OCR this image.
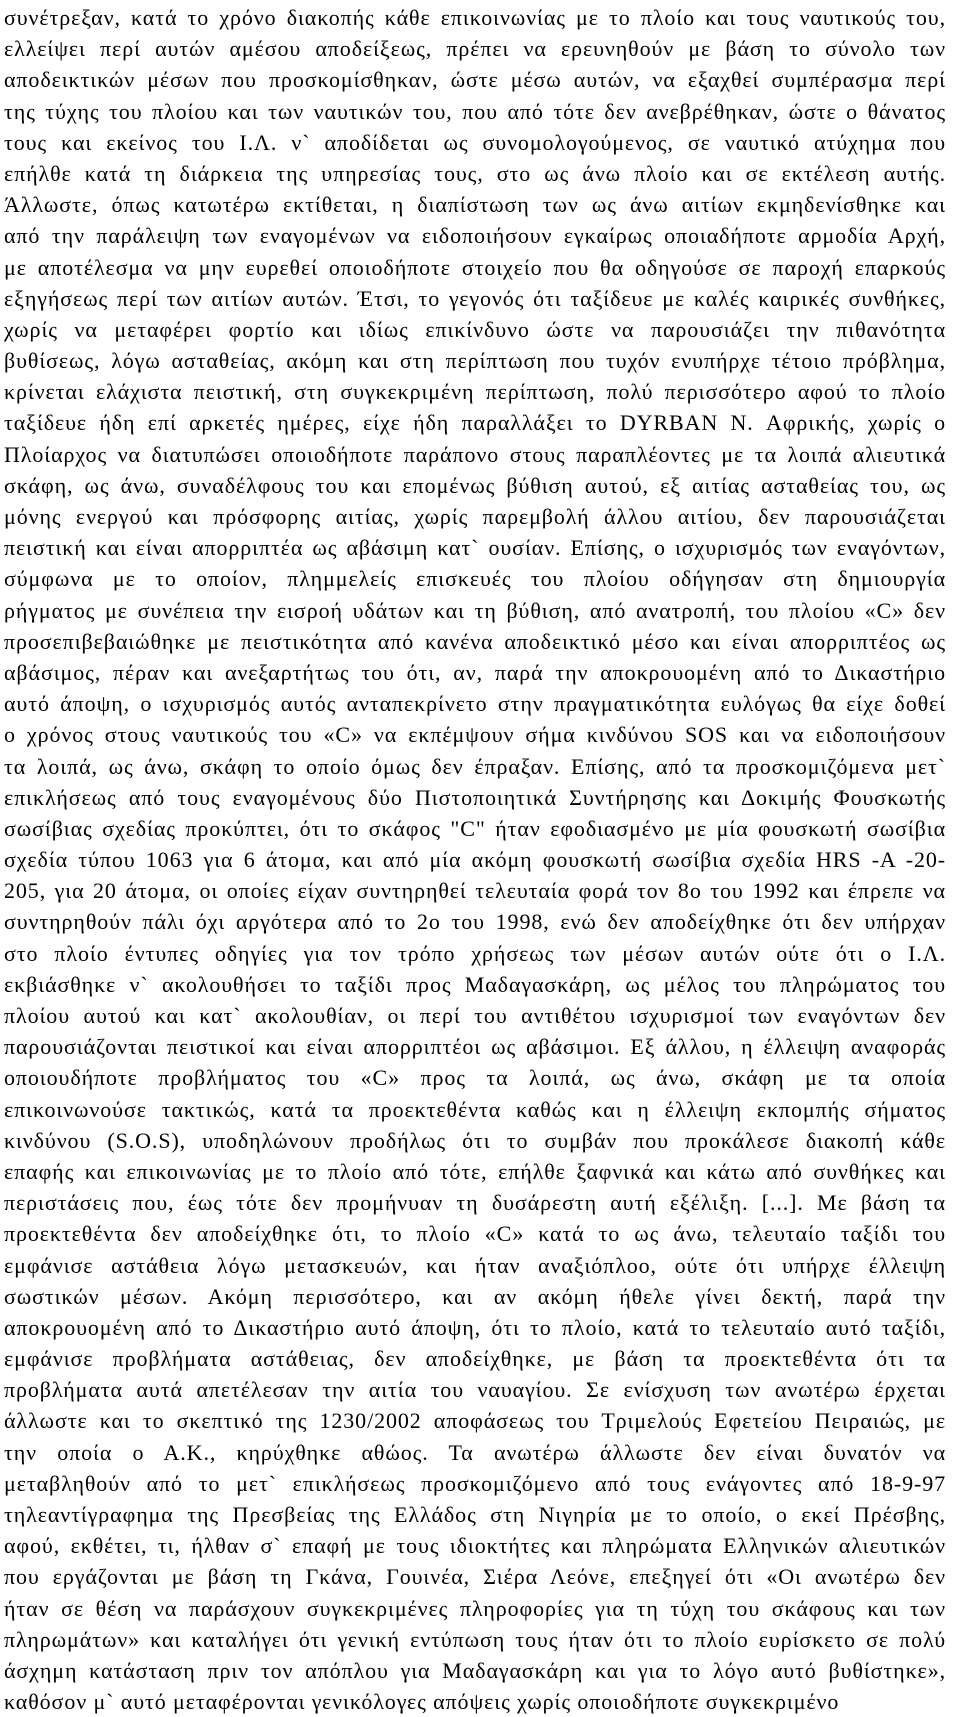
συνέτρεξαν, κατά το χρόνο διακοπής κάθε επικοινωνίας με το πλοίο και τους ναυτικούς του,
ελλείψει περί αυτών αμέσου αποδείξεως, πρέπει να ερευνηθούν με βάση το σύνολο των
αποδεικτικών μέσων που προσκομίσθηκαν, ώστε μέσω αυτών, να εξαχθεί συμπέρασμα περί
της τύχης του πλοίου και των ναυτικών του, που από τότε δεν ανεβρέθηκαν, ώστε ο θάνατος
τους και εκείνος του Ι.Λ. ν` αποδίδεται ως συνομολογούμενος, σε ναυτικό ατύχημα που
επήλθε κατά τη διάρκεια της υπηρεσίας τους, στο ως άνω πλοίο και σε εκτέλεση αυτής.
Άλλωστε, όπως κατωτέρω εκτίθεται, η διαπίστωση των ως άνω αιτίων εκμηδενίσθηκε και
από την παράλειψη των εναγομένων να ειδοποιήσουν εγκαίρως οποιαδήποτε αρμοδία Αρχή,
με αποτέλεσμα να μην ευρεθεί οποιοδήποτε στοιχείο που θα οδηγούσε σε παροχή επαρκούς
εξηγήσεως περί των αιτίων αυτών. Έτσι, το γεγονός ότι ταξίδευε με καλές καιρικές συνθήκες,
χωρίς να μεταφέρει φορτίο και ιδίως επικίνδυνο ώστε να παρουσιάζει την πιθανότητα
βυθίσεως, λόγω ασταθείας, ακόμη και στη περίπτωση που τυχόν ενυπήρχε τέτοιο πρόβλημα,
κρίνεται ελάχιστα πειστική, στη συγκεκριμένη περίπτωση, πολύ περισσότερο αφού το πλοίο
ταξίδευε ήδη επί αρκετές ημέρες, είχε ήδη παραλλάξει το DYRBAN N. Αφρικής, χωρίς ο
Πλοίαρχος να διατυπώσει οποιοδήποτε παράπονο στους παραπλέοντες με τα λοιπά αλιευτικά
σκάφη, ως άνω, συναδέλφους του και επομένως βύθιση αυτού, εξ αιτίας ασταθείας του, ως
μόνης ενεργού και πρόσφορης αιτίας, χωρίς παρεμβολή άλλου αιτίου, δεν παρουσιάζεται
πειστική και είναι απορριπτέα ως αβάσιμη κατ` ουσίαν. Επίσης, ο ισχυρισμός των εναγόντων,
σύμφωνα με το οποίον, πλημμελείς επισκευές του πλοίου οδήγησαν στη δημιουργία
ρήγματος με συνέπεια την εισροή υδάτων και τη βύθιση, από ανατροπή, του πλοίου «C» δεν
προσεπιβεβαιώθηκε με πειστικότητα από κανένα αποδεικτικό μέσο και είναι απορριπτέος ως
αβάσιμος, πέραν και ανεξαρτήτως του ότι, αν, παρά την αποκρουομένη από το Δικαστήριο
αυτό άποψη, ο ισχυρισμός αυτός ανταπεκρίνετο στην πραγματικότητα ευλόγως θα είχε δοθεί
ο χρόνος στους ναυτικούς του «C» να εκπέμψουν σήμα κινδύνου SOS και να ειδοποιήσουν
τα λοιπά, ως άνω, σκάφη το οποίο όμως δεν έπραξαν. Επίσης, από τα προσκομιζόμενα μετ`
επικλήσεως από τους εναγομένους δύο Πιστοποιητικά Συντήρησης και Δοκιμής Φουσκωτής
σωσίβιας σχεδίας προκύπτει, ότι το σκάφος "C" ήταν εφοδιασμένο με μία φουσκωτή σωσίβια
σχεδία τύπου 1063 για 6 άτομα, και από μία ακόμη φουσκωτή σωσίβια σχεδία HRS -A -20-
205, για 20 άτομα, οι οποίες είχαν συντηρηθεί τελευταία φορά τον 8ο του 1992 και έπρεπε να
συντηρηθούν πάλι όχι αργότερα από το 2ο του 1998, ενώ δεν αποδείχθηκε ότι δεν υπήρχαν
στο πλοίο έντυπες οδηγίες για τον τρόπο χρήσεως των μέσων αυτών ούτε ότι ο Ι.Λ.
εκβιάσθηκε ν` ακολουθήσει το ταξίδι προς Μαδαγασκάρη, ως μέλος του πληρώματος του
πλοίου αυτού και κατ` ακολουθίαν, οι περί του αντιθέτου ισχυρισμοί των εναγόντων δεν
παρουσιάζονται πειστικοί και είναι απορριπτέοι ως αβάσιμοι. Εξ άλλου, η έλλειψη αναφοράς
οποιουδήποτε προβλήματος του «C» προς τα λοιπά, ως άνω, σκάφη με τα οποία
επικοινωνούσε τακτικώς, κατά τα προεκτεθέντα καθώς και η έλλειψη εκπομπής σήματος
κινδύνου (S.O.S), υποδηλώνουν προδήλως ότι το συμβάν που προκάλεσε διακοπή κάθε
επαφής και επικοινωνίας με το πλοίο από τότε, επήλθε ξαφνικά και κάτω από συνθήκες και
περιστάσεις που, έως τότε δεν προμήνυαν τη δυσάρεστη αυτή εξέλιξη. [...]. Με βάση τα
προεκτεθέντα δεν αποδείχθηκε ότι, το πλοίο «C» κατά το ως άνω, τελευταίο ταξίδι του
εμφάνισε αστάθεια λόγω μετασκευών, και ήταν αναξιόπλοο, ούτε ότι υπήρχε έλλειψη
σωστικών μέσων. Ακόμη περισσότερο, και αν ακόμη ήθελε γίνει δεκτή, παρά την
αποκρουομένη από το Δικαστήριο αυτό άποψη, ότι το πλοίο, κατά το τελευταίο αυτό ταξίδι,
εμφάνισε προβλήματα αστάθειας, δεν αποδείχθηκε, με βάση τα προεκτεθέντα ότι τα
προβλήματα αυτά απετέλεσαν την αιτία του ναυαγίου. Σε ενίσχυση των ανωτέρω έρχεται
άλλωστε και το σκεπτικό της 1230/2002 αποφάσεως του Τριμελούς Εφετείου Πειραιώς, με
την οποία ο Α.Κ., κηρύχθηκε αθώος. Τα ανωτέρω άλλωστε δεν είναι δυνατόν να
μεταβληθούν από το μετ` επικλήσεως προσκομιζόμενο από τους ενάγοντες από 18-9-97
τηλεαντίγραφημα της Πρεσβείας της Ελλάδος στη Νιγηρία με το οποίο, ο εκεί Πρέσβης,
αφού, εκθέτει, τι, ήλθαν σ` επαφή με τους ιδιοκτήτες και πληρώματα Ελληνικών αλιευτικών
που εργάζονται με βάση τη Γκάνα, Γουινέα, Σιέρα Λεόνε, επεξηγεί ότι «Οι ανωτέρω δεν
ήταν σε θέση να παράσχουν συγκεκριμένες πληροφορίες για τη τύχη του σκάφους και των
πληρωμάτων» και καταλήγει ότι γενική εντύπωση τους ήταν ότι το πλοίο ευρίσκετο σε πολύ
άσχημη κατάσταση πριν τον απόπλου για Μαδαγασκάρη και για το λόγο αυτό βυθίστηκε»,
καθόσον μ` αυτό μεταφέρονται γενικόλογες απόψεις χωρίς οποιοδήποτε συγκεκριμένο
